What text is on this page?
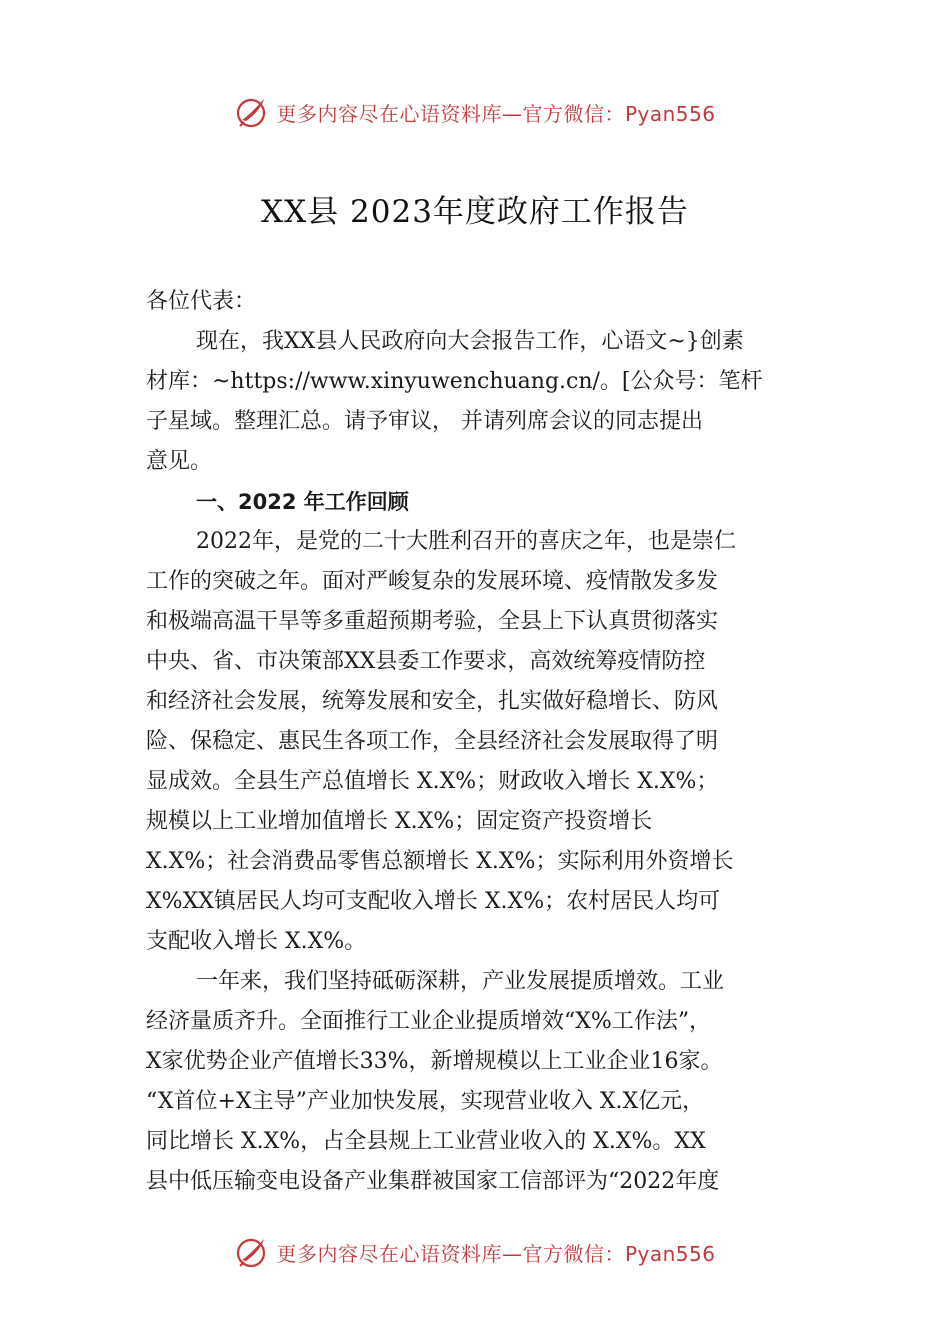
更多内容尽在心语资料库—官方微信：Pyan556
XX县 2023年度政府工作报告
各位代表：
现在，我XX县人民政府向大会报告工作，心语文~}创素
材库：~https://www.xinyuwenchuang.cn/。[公众号：笔杆
子星域。整理汇总。请予审议， 并请列席会议的同志提出
意见。
一、2022 年工作回顾
2022年，是党的二十大胜利召开的喜庆之年，也是崇仁
工作的突破之年。面对严峻复杂的发展环境、疫情散发多发
和极端高温干旱等多重超预期考验，全县上下认真贯彻落实
中央、省、市决策部XX县委工作要求，高效统筹疫情防控
和经济社会发展，统筹发展和安全，扎实做好稳增长、防风
险、保稳定、惠民生各项工作，全县经济社会发展取得了明
显成效。全县生产总值增长 X.X%；财政收入增长 X.X%；
规模以上工业增加值增长 X.X%；固定资产投资增长
X.X%；社会消费品零售总额增长 X.X%；实际利用外资增长
X%XX镇居民人均可支配收入增长 X.X%；农村居民人均可
支配收入增长 X.X%。
一年来，我们坚持砥砺深耕，产业发展提质增效。工业
经济量质齐升。全面推行工业企业提质增效“X%工作法”，
X家优势企业产值增长33%，新增规模以上工业企业16家。
“X首位+X主导”产业加快发展，实现营业收入 X.X亿元，
同比增长 X.X%，占全县规上工业营业收入的 X.X%。XX
县中低压输变电设备产业集群被国家工信部评为“2022年度
更多内容尽在心语资料库—官方微信：Pyan556
